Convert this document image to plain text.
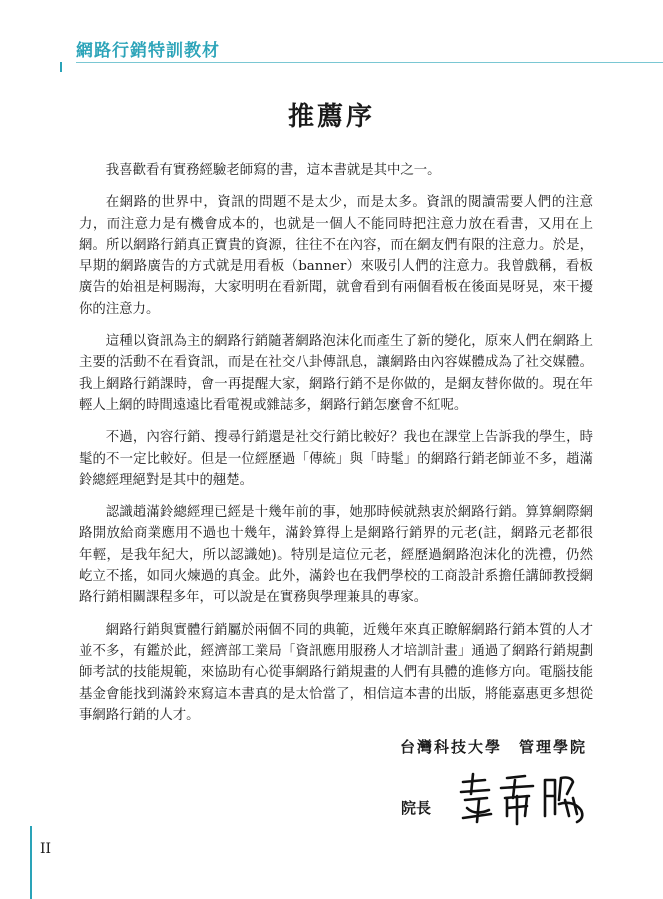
網路行銷特訓教材
推薦序

我喜歡看有實務經驗老師寫的書，這本書就是其中之一。

在網路的世界中，資訊的問題不是太少，而是太多。資訊的閱讀需要人們的注意力，而注意力是有機會成本的，也就是一個人不能同時把注意力放在看書，又用在上網。所以網路行銷真正寶貴的資源，往往不在內容，而在網友們有限的注意力。於是，早期的網路廣告的方式就是用看板（banner）來吸引人們的注意力。我曾戲稱，看板廣告的始祖是柯賜海，大家明明在看新聞，就會看到有兩個看板在後面晃呀晃，來干擾你的注意力。

這種以資訊為主的網路行銷隨著網路泡沫化而產生了新的變化，原來人們在網路上主要的活動不在看資訊，而是在社交八卦傳訊息，讓網路由內容媒體成為了社交媒體。我上網路行銷課時，會一再提醒大家，網路行銷不是你做的，是網友替你做的。現在年輕人上網的時間遠遠比看電視或雜誌多，網路行銷怎麼會不紅呢。

不過，內容行銷、搜尋行銷還是社交行銷比較好？我也在課堂上告訴我的學生，時髦的不一定比較好。但是一位經歷過「傳統」與「時髦」的網路行銷老師並不多，趙滿鈴總經理絕對是其中的翹楚。

認識趙滿鈴總經理已經是十幾年前的事，她那時候就熱衷於網路行銷。算算網際網路開放給商業應用不過也十幾年，滿鈴算得上是網路行銷界的元老(註，網路元老都很年輕，是我年紀大，所以認識她)。特別是這位元老，經歷過網路泡沫化的洗禮，仍然屹立不搖，如同火煉過的真金。此外，滿鈴也在我們學校的工商設計系擔任講師教授網路行銷相關課程多年，可以說是在實務與學理兼具的專家。

網路行銷與實體行銷屬於兩個不同的典範，近幾年來真正瞭解網路行銷本質的人才並不多，有鑑於此，經濟部工業局「資訊應用服務人才培訓計畫」通過了網路行銷規劃師考試的技能規範，來協助有心從事網路行銷規畫的人們有具體的進修方向。電腦技能基金會能找到滿鈴來寫這本書真的是太恰當了，相信這本書的出版，將能嘉惠更多想從事網路行銷的人才。

台灣科技大學　管理學院
院長
II
